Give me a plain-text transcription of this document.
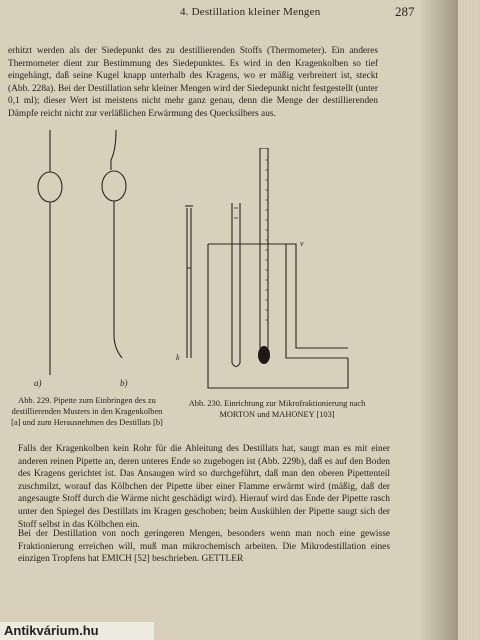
4. Destillation kleiner Mengen	287

erhitzt werden als der Siedepunkt des zu destillierenden Stoffs (Thermometer). Ein anderes Thermometer dient zur Bestimmung des Siedepunktes. Es wird in den Kragenkolben so tief eingehängt, daß seine Kugel knapp unterhalb des Kragens, wo er mäßig verbreitert ist, steckt (Abb. 228a). Bei der Destillation sehr kleiner Mengen wird der Siedepunkt nicht festgestellt (unter 0,1 ml); dieser Wert ist meistens nicht mehr ganz genau, denn die Menge der destillierenden Dämpfe reicht nicht zur verläßlichen Erwärmung des Quecksilbers aus.

a)	b)

Abb. 229. Pipette zum Einbringen des zu destillierenden Musters in den Kragenkolben [a] und zum Herausnehmen des Destillats [b]

k
v

Abb. 230. Einrichtung zur Mikrofraktionierung nach MORTON und MAHONEY [103]

Falls der Kragenkolben kein Rohr für die Ableitung des Destillats hat, saugt man es mit einer anderen reinen Pipette an, deren unteres Ende so zugebogen ist (Abb. 229b), daß es auf den Boden des Kragens gerichtet ist. Das Ansaugen wird so durchgeführt, daß man den oberen Pipettenteil zuschmilzt, worauf das Kölbchen der Pipette über einer Flamme erwärmt wird (mäßig, daß der angesaugte Stoff durch die Wärme nicht geschädigt wird). Hierauf wird das Ende der Pipette rasch unter den Spiegel des Destillats im Kragen geschoben; beim Auskühlen der Pipette saugt sich der Stoff selbst in das Kölbchen ein.

Bei der Destillation von noch geringeren Mengen, besonders wenn man noch eine gewisse Fraktionierung erreichen will, muß man mikrochemisch arbeiten. Die Mikrodestillation eines einzigen Tropfens hat EMICH [52] beschrieben. GETTLER

Antikvárium.hu
